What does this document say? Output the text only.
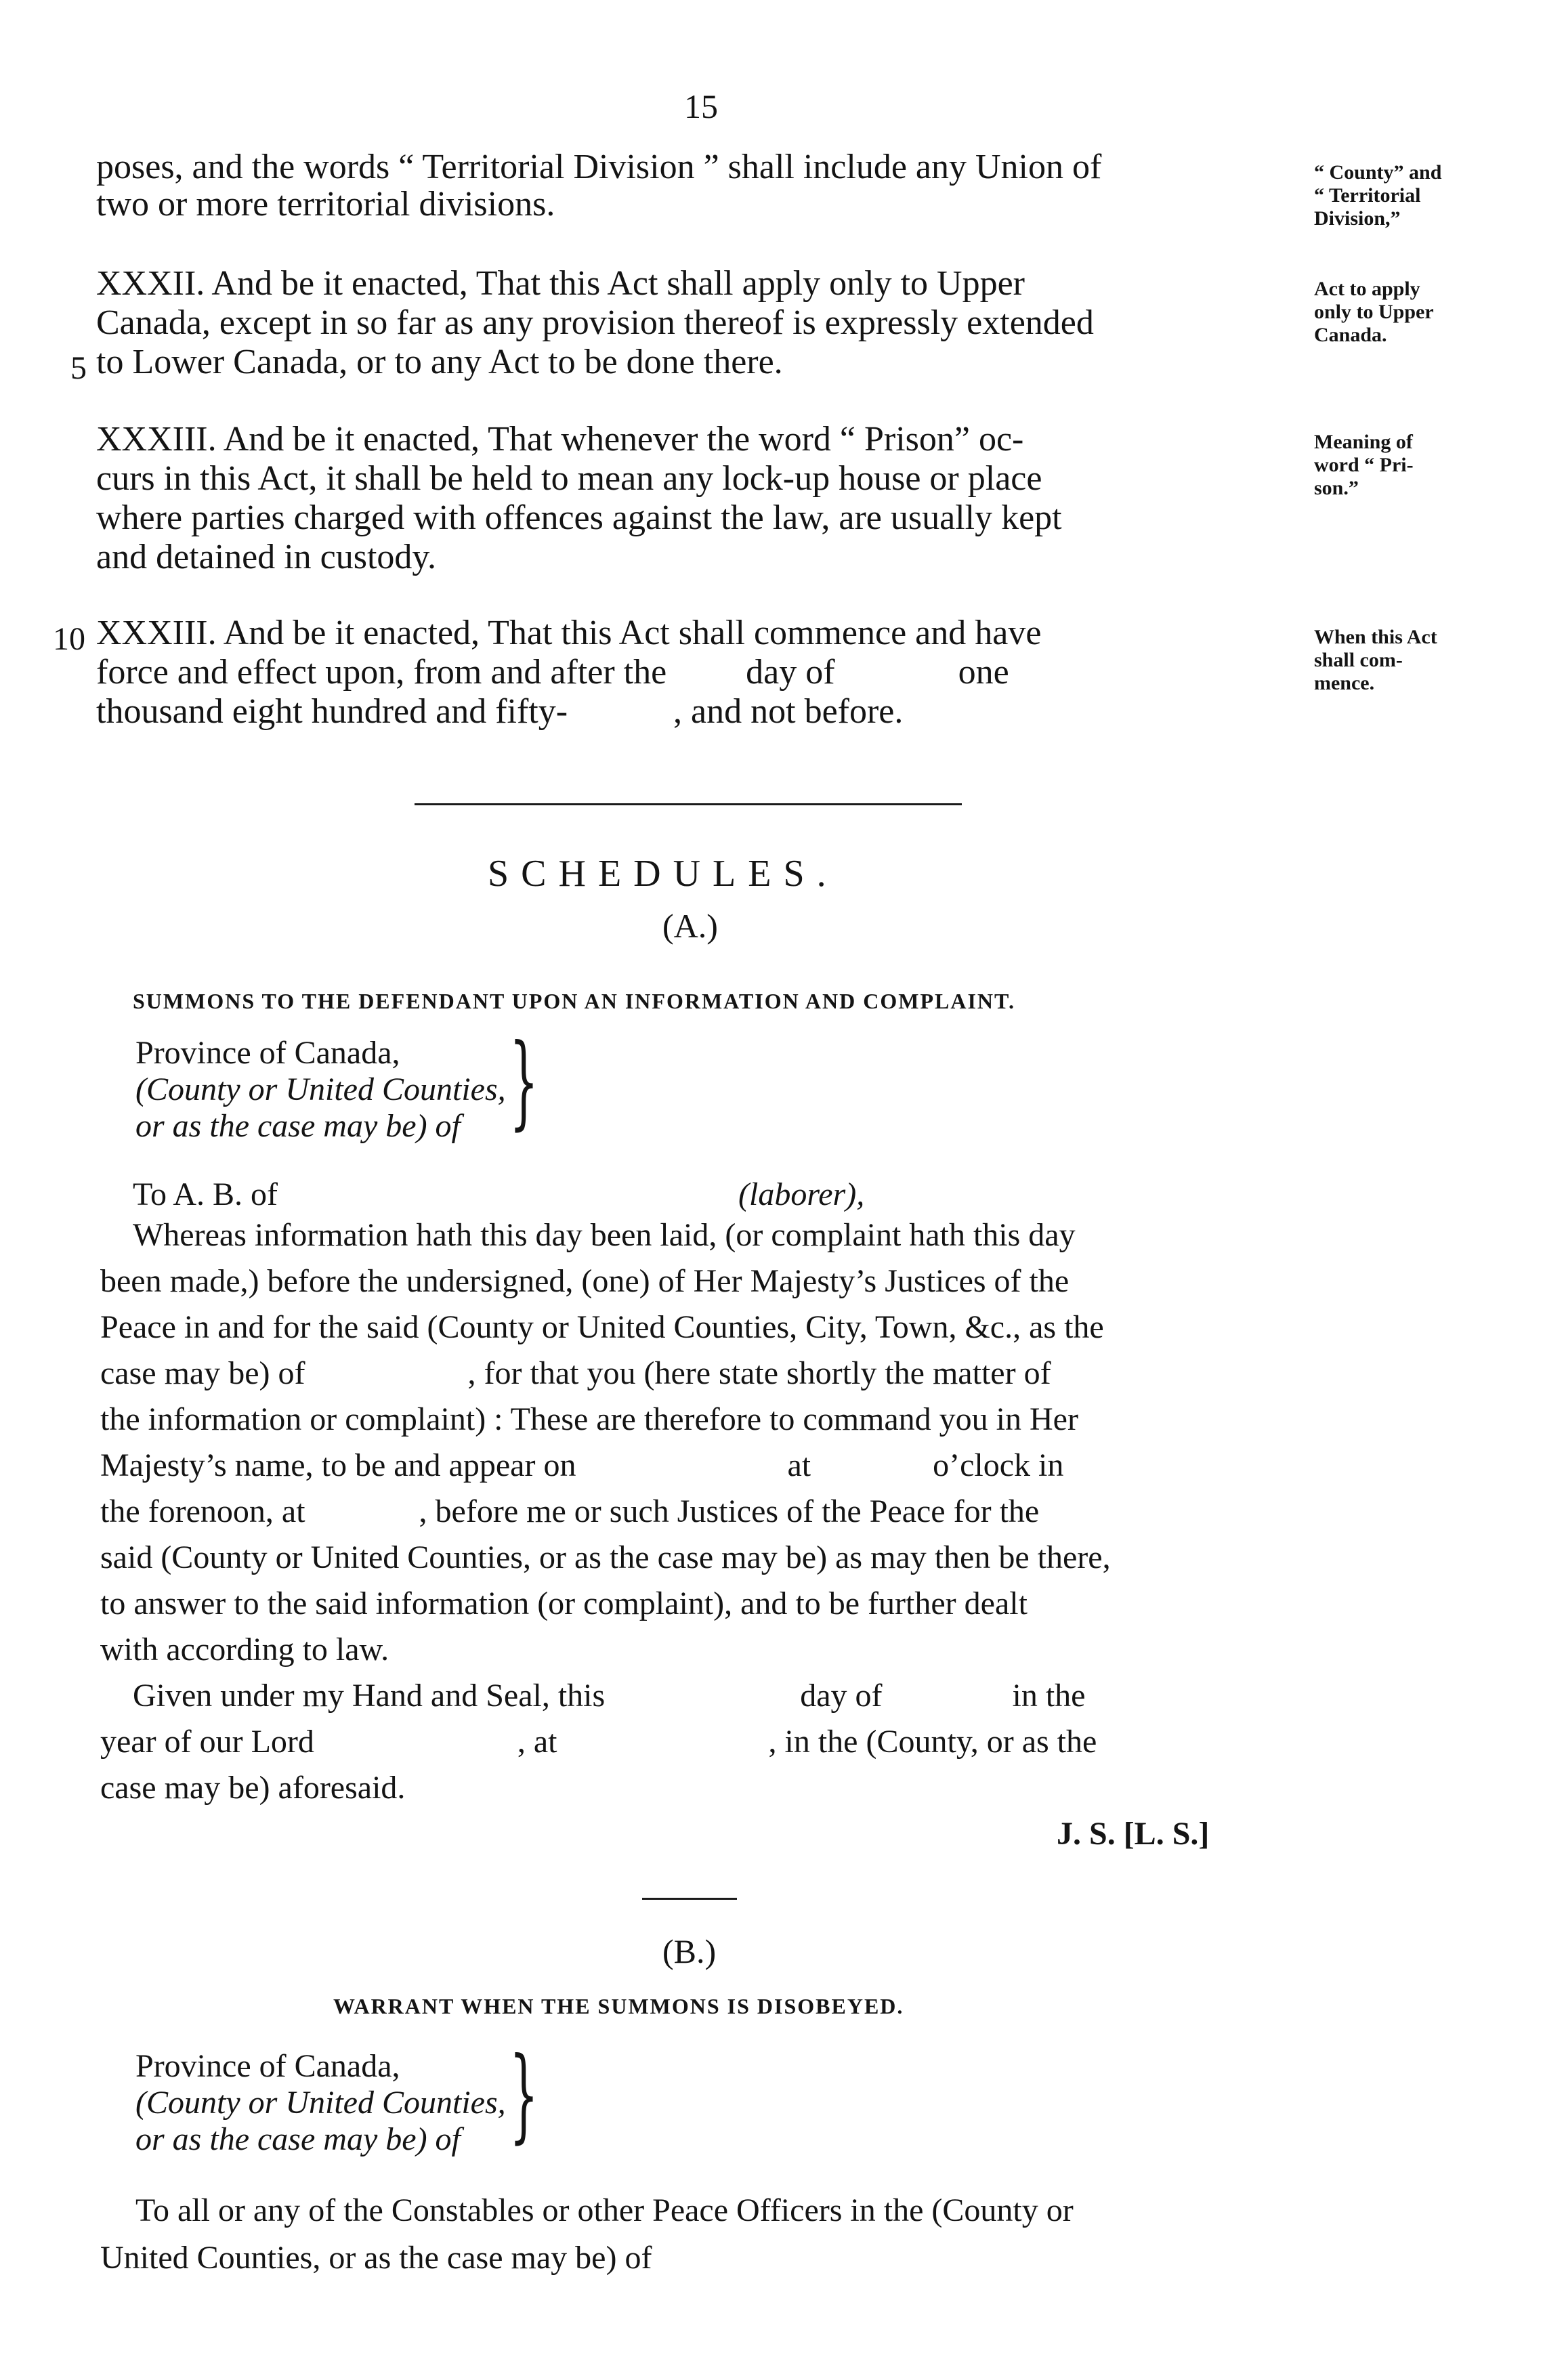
15
poses, and the words “ Territorial Division ” shall include any Union of
two or more territorial divisions.
XXXII. And be it enacted, That this Act shall apply only to Upper
Canada, except in so far as any provision thereof is expressly extended
to Lower Canada, or to any Act to be done there.
XXXIII. And be it enacted, That whenever the word “ Prison” oc-
curs in this Act, it shall be held to mean any lock-up house or place
where parties charged with offences against the law, are usually kept
and detained in custody.
XXXIII. And be it enacted, That this Act shall commence and have
force and effect upon, from and after the         day of              one
thousand eight hundred and fifty-            , and not before.
5
10
“ County” and
“ Territorial
Division,”
Act to apply
only to Upper
Canada.
Meaning of
word “ Pri-
son.”
When this Act
shall com-
mence.
SCHEDULES.
(A.)
SUMMONS TO THE DEFENDANT UPON AN INFORMATION AND COMPLAINT.
Province of Canada,
(County or United Counties,
or as the case may be) of }
To A. B. of	(laborer),
Whereas information hath this day been laid, (or complaint hath this day
been made,) before the undersigned, (one) of Her Majesty’s Justices of the
Peace in and for the said (County or United Counties, City, Town, &c., as the
case may be) of                    , for that you (here state shortly the matter of
the information or complaint) : These are therefore to command you in Her
Majesty’s name, to be and appear on                          at               o’clock in
the forenoon, at              , before me or such Justices of the Peace for the
said (County or United Counties, or as the case may be) as may then be there,
to answer to the said information (or complaint), and to be further dealt
with according to law.
Given under my Hand and Seal, this                        day of                in the
year of our Lord                         , at                          , in the (County, or as the
case may be) aforesaid.
J. S. [L. S.]
(B.)
WARRANT WHEN THE SUMMONS IS DISOBEYED.
Province of Canada,
(County or United Counties,
or as the case may be) of }
To all or any of the Constables or other Peace Officers in the (County or
United Counties, or as the case may be) of
